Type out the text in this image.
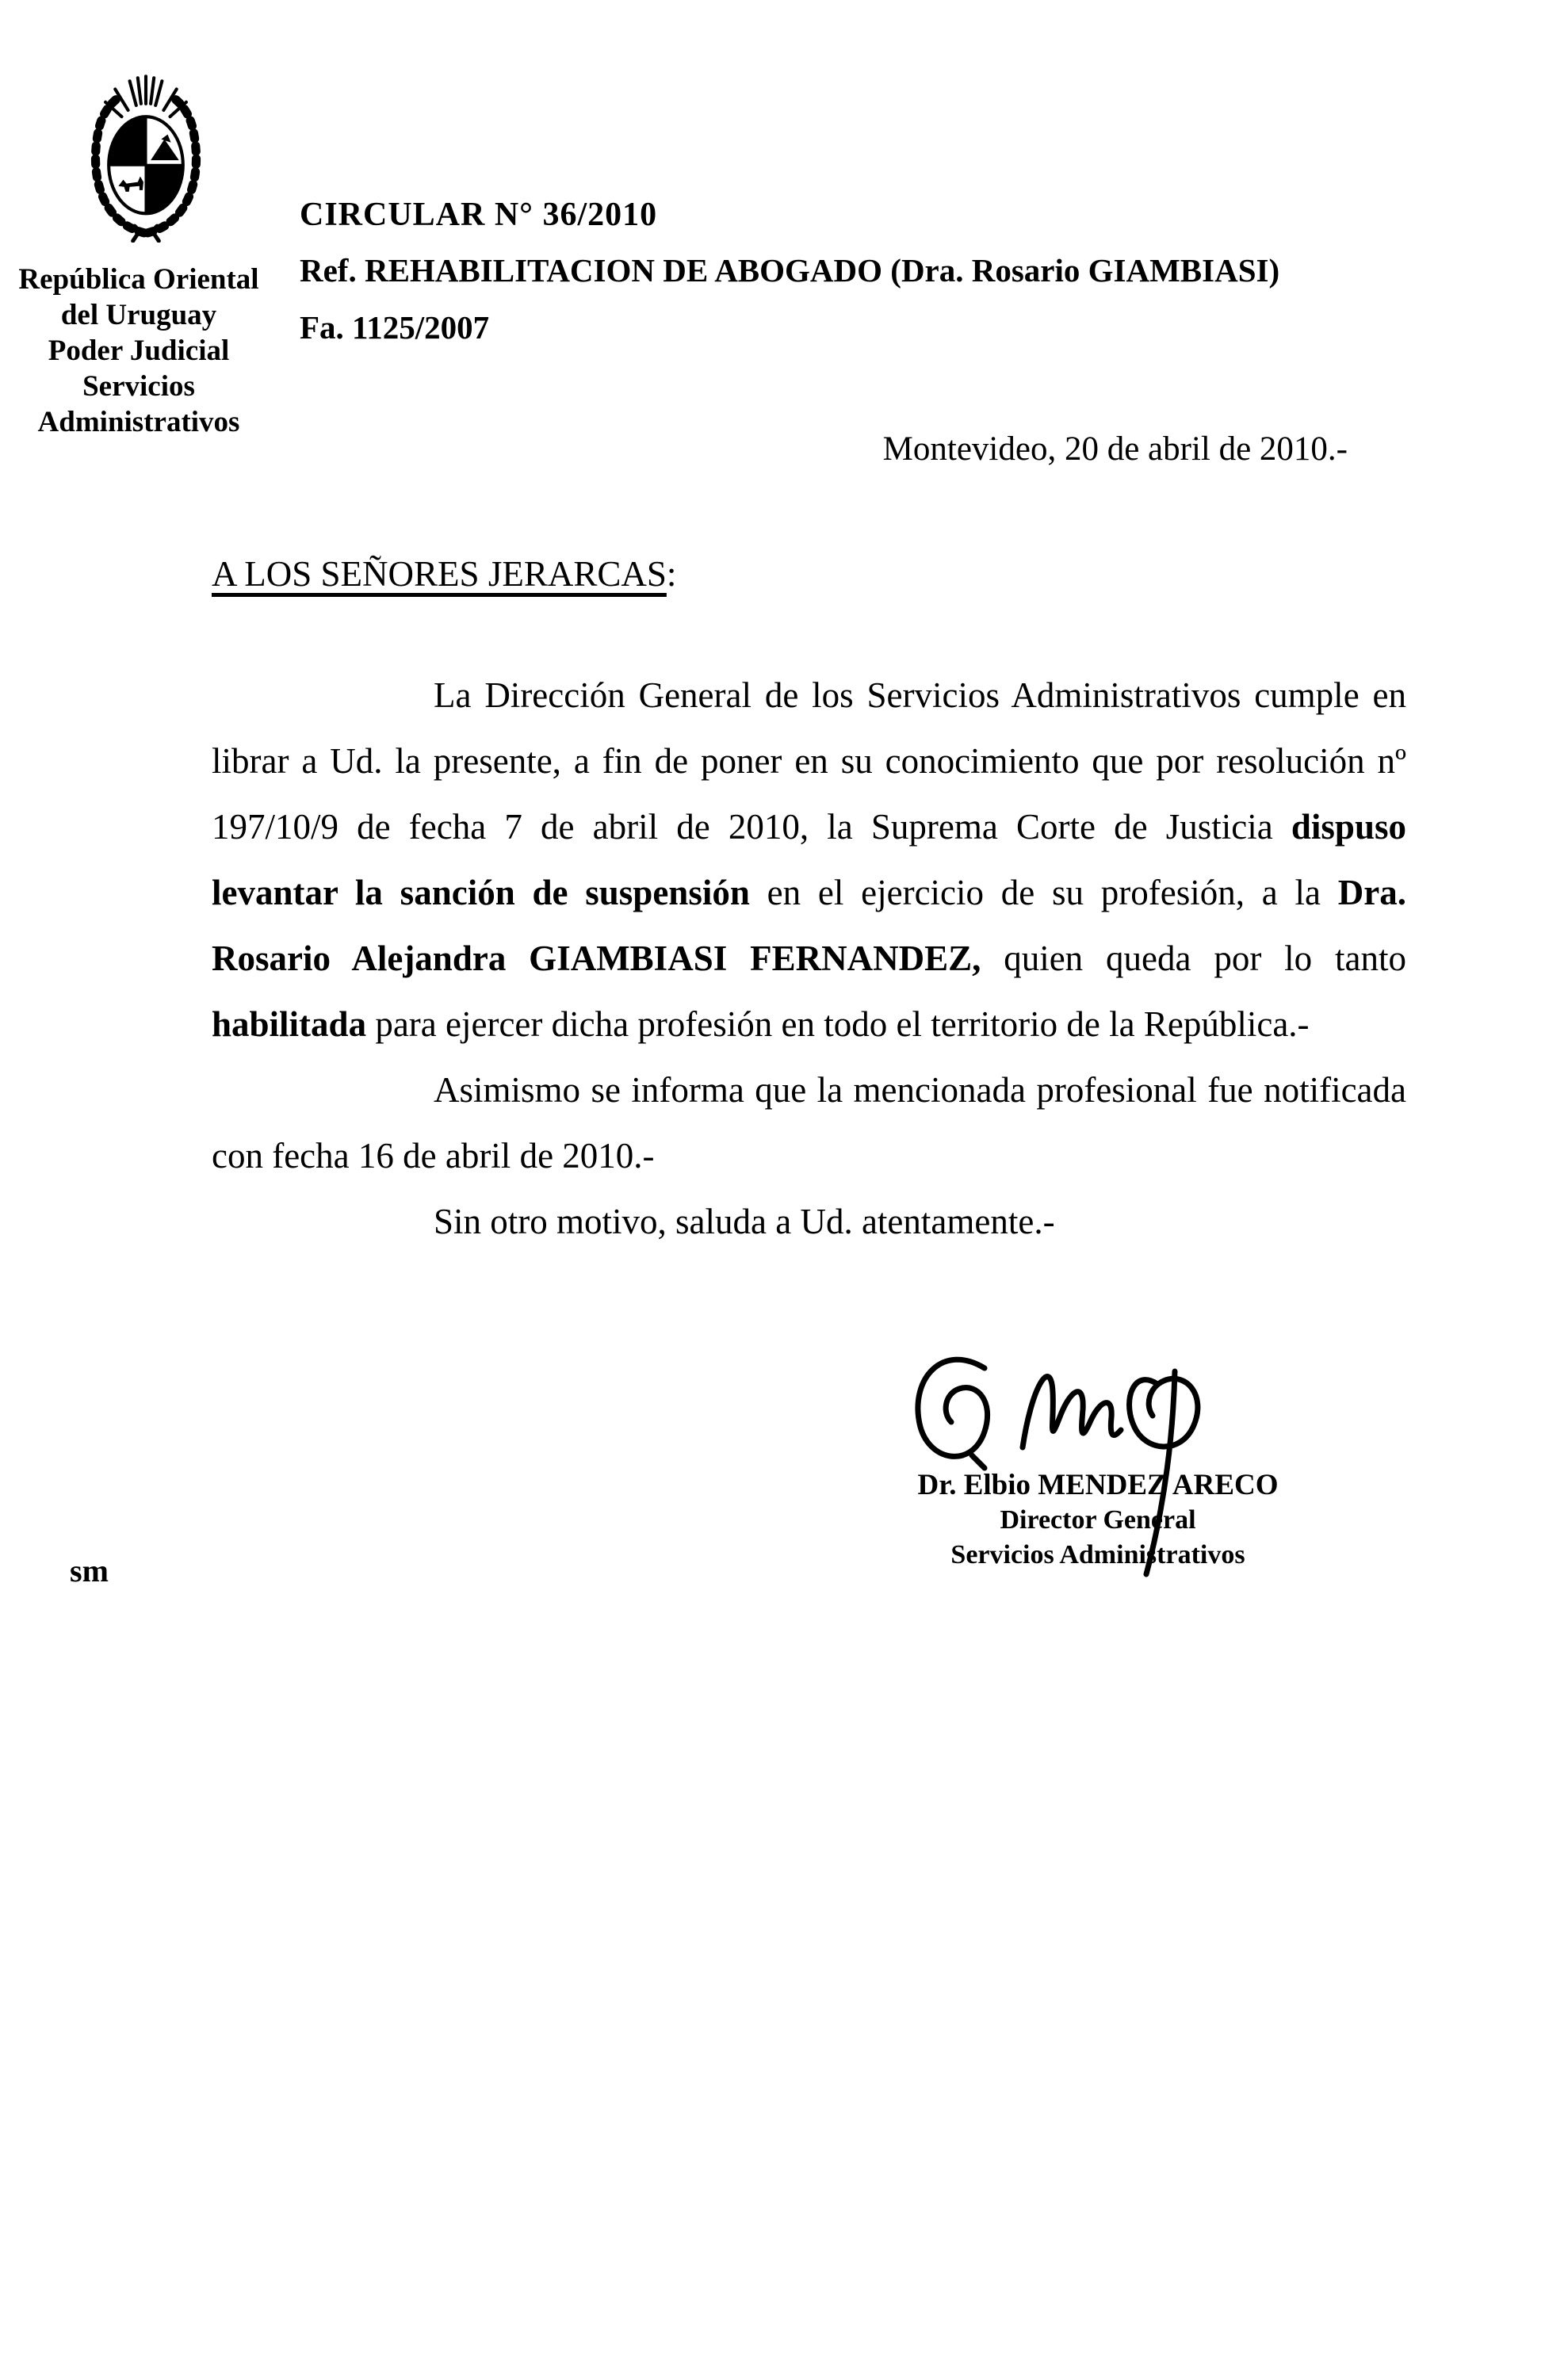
República Oriental
del Uruguay
Poder Judicial
Servicios
Administrativos
CIRCULAR N° 36/2010
Ref. REHABILITACION DE ABOGADO (Dra. Rosario GIAMBIASI)
Fa. 1125/2007
Montevideo, 20 de abril de 2010.-
A LOS SEÑORES JERARCAS:

La Dirección General de los Servicios Administrativos cumple en librar a Ud. la presente, a fin de poner en su conocimiento que por resolución nº 197/10/9 de fecha 7 de abril de 2010, la Suprema Corte de Justicia dispuso levantar la sanción de suspensión en el ejercicio de su profesión, a la Dra. Rosario Alejandra GIAMBIASI FERNANDEZ, quien queda por lo tanto habilitada para ejercer dicha profesión en todo el territorio de la República.-

Asimismo se informa que la mencionada profesional fue notificada con fecha 16 de abril de 2010.-

Sin otro motivo, saluda a Ud. atentamente.-

Dr. Elbio MENDEZ ARECO
Director General
Servicios Administrativos
sm
